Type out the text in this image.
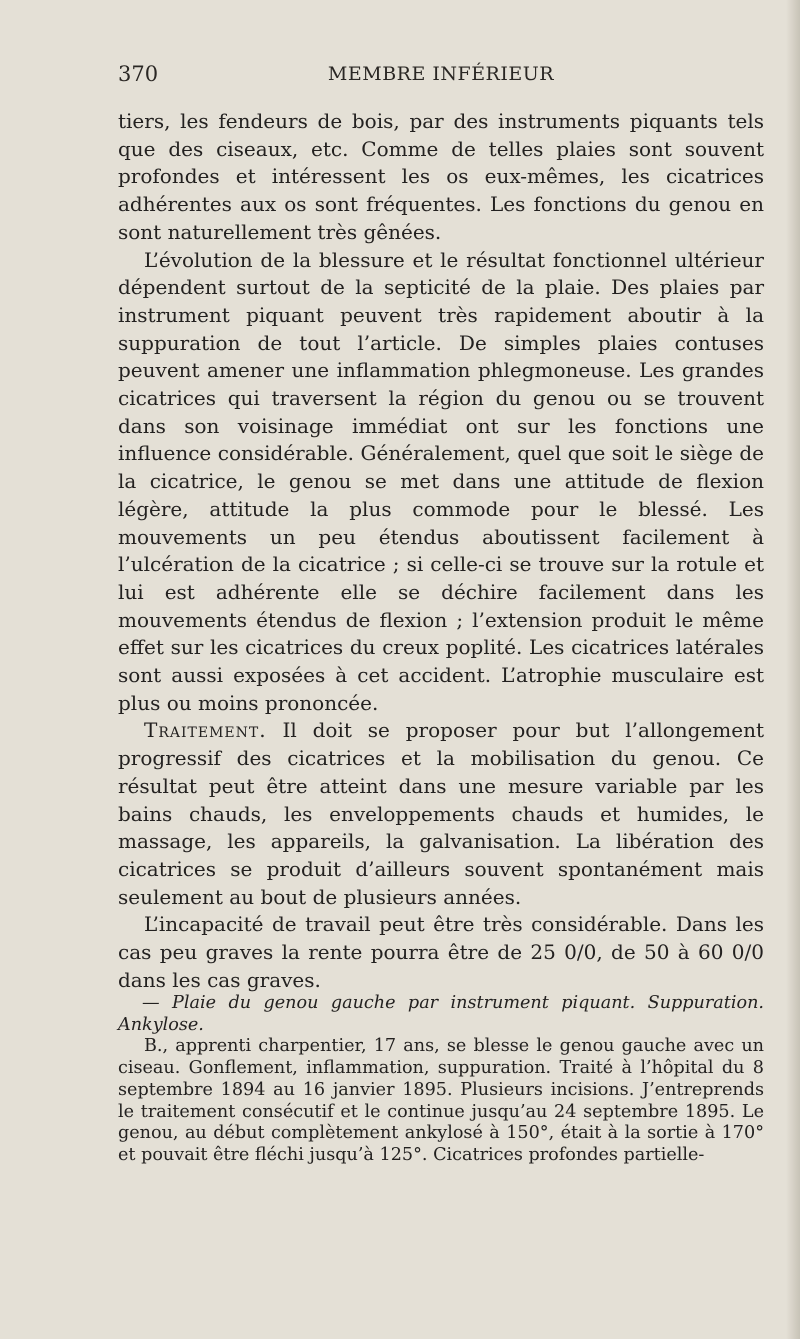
370	MEMBRE INFÉRIEUR

tiers, les fendeurs de bois, par des instruments piquants tels que des ciseaux, etc. Comme de telles plaies sont souvent profondes et intéressent les os eux-mêmes, les cicatrices adhérentes aux os sont fréquentes. Les fonctions du genou en sont naturellement très gênées.

L’évolution de la blessure et le résultat fonctionnel ultérieur dépendent surtout de la septicité de la plaie. Des plaies par instrument piquant peuvent très rapidement aboutir à la suppuration de tout l’article. De simples plaies contuses peuvent amener une inflammation phlegmoneuse. Les grandes cicatrices qui traversent la région du genou ou se trouvent dans son voisinage immédiat ont sur les fonctions une influence considérable. Généralement, quel que soit le siège de la cicatrice, le genou se met dans une attitude de flexion légère, attitude la plus commode pour le blessé. Les mouvements un peu étendus aboutissent facilement à l’ulcération de la cicatrice ; si celle-ci se trouve sur la rotule et lui est adhérente elle se déchire facilement dans les mouvements étendus de flexion ; l’extension produit le même effet sur les cicatrices du creux poplité. Les cicatrices latérales sont aussi exposées à cet accident. L’atrophie musculaire est plus ou moins prononcée.

Traitement. Il doit se proposer pour but l’allongement progressif des cicatrices et la mobilisation du genou. Ce résultat peut être atteint dans une mesure variable par les bains chauds, les enveloppements chauds et humides, le massage, les appareils, la galvanisation. La libération des cicatrices se produit d’ailleurs souvent spontanément mais seulement au bout de plusieurs années.

L’incapacité de travail peut être très considérable. Dans les cas peu graves la rente pourra être de 25 0/0, de 50 à 60 0/0 dans les cas graves.

— Plaie du genou gauche par instrument piquant. Suppuration. Ankylose.

B., apprenti charpentier, 17 ans, se blesse le genou gauche avec un ciseau. Gonflement, inflammation, suppuration. Traité à l’hôpital du 8 septembre 1894 au 16 janvier 1895. Plusieurs incisions. J’entreprends le traitement consécutif et le continue jusqu’au 24 septembre 1895. Le genou, au début complètement ankylosé à 150°, était à la sortie à 170° et pouvait être fléchi jusqu’à 125°. Cicatrices profondes partielle-
